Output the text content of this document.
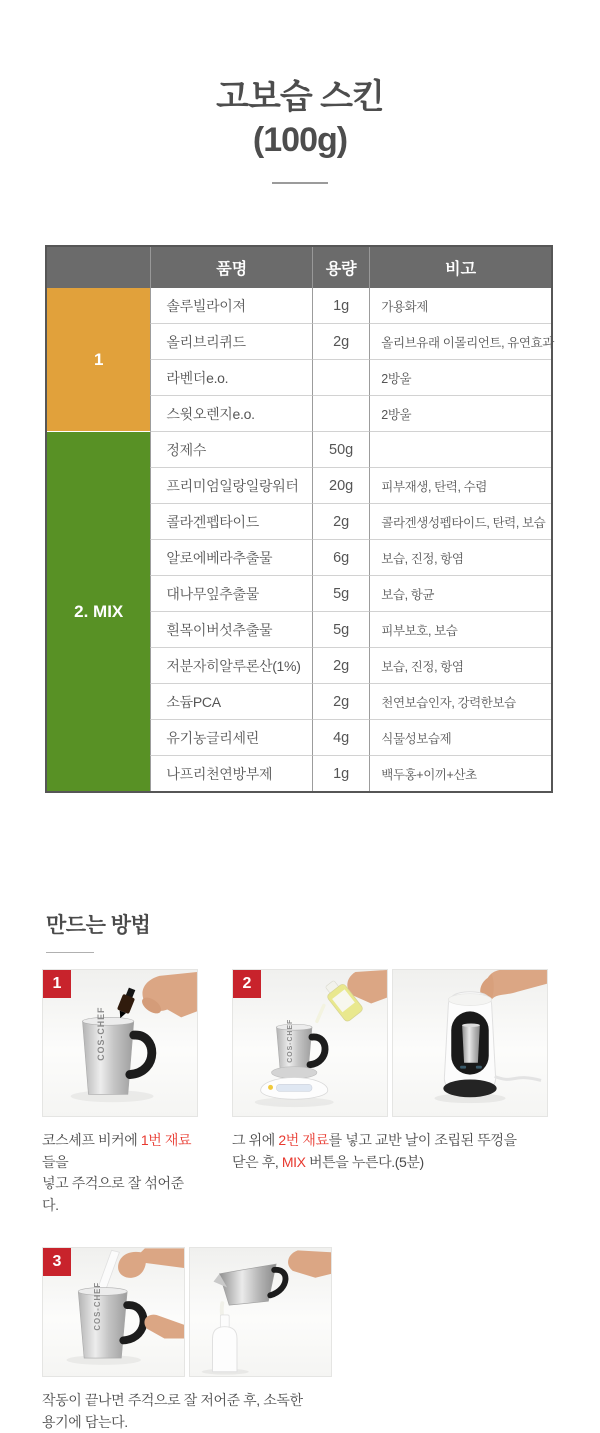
고보습 스킨
(100g)
	품명	용량	비고
1	솔루빌라이져	1g	가용화제
	올리브리퀴드	2g	올리브유래 이몰리언트, 유연효과
	라벤더e.o.		2방울
	스윗오렌지e.o.		2방울
2. MIX	정제수	50g	
	프리미엄일랑일랑워터	20g	피부재생, 탄력, 수렴
	콜라겐펩타이드	2g	콜라겐생성펩타이드, 탄력, 보습
	알로에베라추출물	6g	보습, 진정, 항염
	대나무잎추출물	5g	보습, 항균
	흰목이버섯추출물	5g	피부보호, 보습
	저분자히알루론산(1%)	2g	보습, 진정, 항염
	소듐PCA	2g	천연보습인자, 강력한보습
	유기농글리세린	4g	식물성보습제
	나프리천연방부제	1g	백두홍+이끼+산초
만드는 방법
1
COS-CHEF

코스셰프 비커에 1번 재료들을
넣고 주걱으로 잘 섞어준다.

2
COS-CHEF

그 위에 2번 재료를 넣고 교반 날이 조립된 뚜껑을
닫은 후, MIX 버튼을 누른다.(5분)

3
COS-CHEF

작동이 끝나면 주걱으로 잘 저어준 후, 소독한
용기에 담는다.
